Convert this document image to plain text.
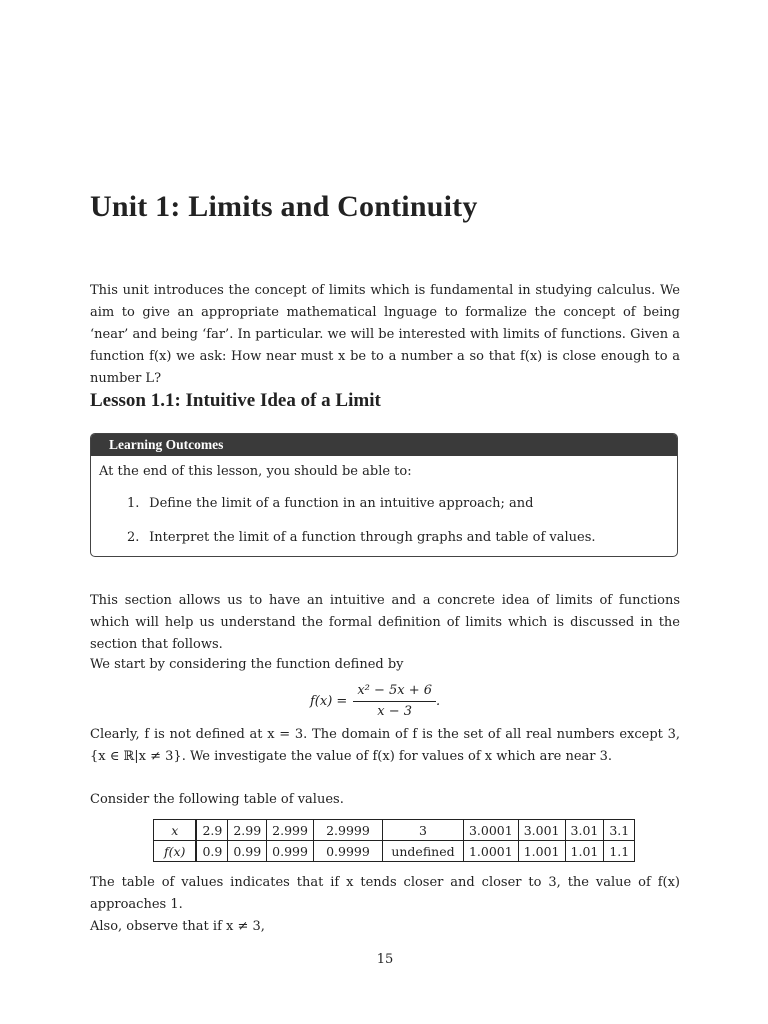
Unit 1: Limits and Continuity

This unit introduces the concept of limits which is fundamental in studying calculus. We aim to give an appropriate mathematical lnguage to formalize the concept of being ‘near’ and being ‘far’. In particular. we will be interested with limits of functions. Given a function f(x) we ask: How near must x be to a number a so that f(x) is close enough to a number L?

Lesson 1.1: Intuitive Idea of a Limit
Learning Outcomes

At the end of this lesson, you should be able to:

1. Define the limit of a function in an intuitive approach; and
2. Interpret the limit of a function through graphs and table of values.

This section allows us to have an intuitive and a concrete idea of limits of functions which will help us understand the formal definition of limits which is discussed in the section that follows.

We start by considering the function defined by

$f(x) = \frac{\text{x² − 5x + 6}}{x - 3}$ .

Clearly, f is not defined at x = 3. The domain of f is the set of all real numbers except 3, {x ∈ ℝ|x ≠ 3}. We investigate the value of f(x) for values of x which are near 3.

Consider the following table of values.

x	2.9	2.99	2.999	2.9999	3	3.0001	3.001	3.01	3.1
f(x)	0.9	0.99	0.999	0.9999	undefined	1.0001	1.001	1.01	1.1

The table of values indicates that if x tends closer and closer to 3, the value of f(x) approaches 1.

Also, observe that if x ≠ 3,

15
